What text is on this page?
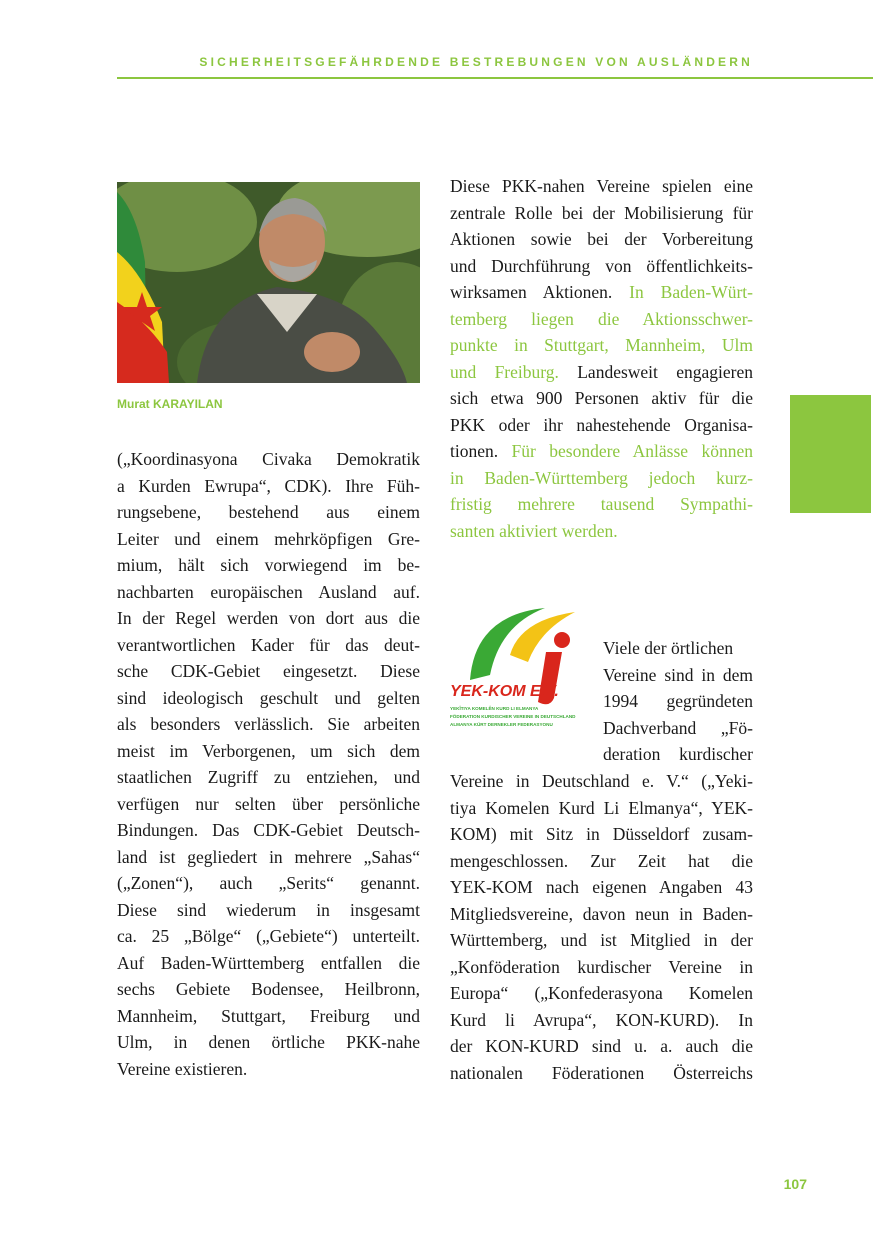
SICHERHEITSGEFÄHRDENDE BESTREBUNGEN VON AUSLÄNDERN
Murat KARAYILAN
(„Koordinasyona Civaka Demokratik
a Kurden Ewrupa“, CDK). Ihre Füh-
rungsebene, bestehend aus einem
Leiter und einem mehrköpfigen Gre-
mium, hält sich vorwiegend im be-
nachbarten europäischen Ausland auf.
In der Regel werden von dort aus die
verantwortlichen Kader für das deut-
sche CDK-Gebiet eingesetzt. Diese
sind ideologisch geschult und gelten
als besonders verlässlich. Sie arbeiten
meist im Verborgenen, um sich dem
staatlichen Zugriff zu entziehen, und
verfügen nur selten über persönliche
Bindungen. Das CDK-Gebiet Deutsch-
land ist gegliedert in mehrere „Sahas“
(„Zonen“), auch „Serits“ genannt.
Diese sind wiederum in insgesamt
ca. 25 „Bölge“ („Gebiete“) unterteilt.
Auf Baden-Württemberg entfallen die
sechs Gebiete Bodensee, Heilbronn,
Mannheim, Stuttgart, Freiburg und
Ulm, in denen örtliche PKK-nahe
Vereine existieren.
Diese PKK-nahen Vereine spielen eine
zentrale Rolle bei der Mobilisierung für
Aktionen sowie bei der Vorbereitung
und Durchführung von öffentlichkeits-
wirksamen Aktionen. In Baden-Würt-
temberg liegen die Aktionsschwer-
punkte in Stuttgart, Mannheim, Ulm
und Freiburg. Landesweit engagieren
sich etwa 900 Personen aktiv für die
PKK oder ihr nahestehende Organisa-
tionen. Für besondere Anlässe können
in Baden-Württemberg jedoch kurz-
fristig mehrere tausend Sympathi-
santen aktiviert werden.
YEK-KOM E.V.
YEKÎTIYA KOMELÊN KURD LI ELMANYA
FÖDERATION KURDISCHER VEREINE IN DEUTSCHLAND
ALMANYA KÜRT DERNEKLER FEDERASYONU
Viele der örtlichen
Vereine sind in dem
1994 gegründeten
Dachverband „Fö-
deration kurdischer
Vereine in Deutschland e. V.“ („Yeki-
tiya Komelen Kurd Li Elmanya“, YEK-
KOM) mit Sitz in Düsseldorf zusam-
mengeschlossen. Zur Zeit hat die
YEK-KOM nach eigenen Angaben 43
Mitgliedsvereine, davon neun in Baden-
Württemberg, und ist Mitglied in der
„Konföderation kurdischer Vereine in
Europa“ („Konfederasyona Komelen
Kurd li Avrupa“, KON-KURD). In
der KON-KURD sind u. a. auch die
nationalen Föderationen Österreichs
107
